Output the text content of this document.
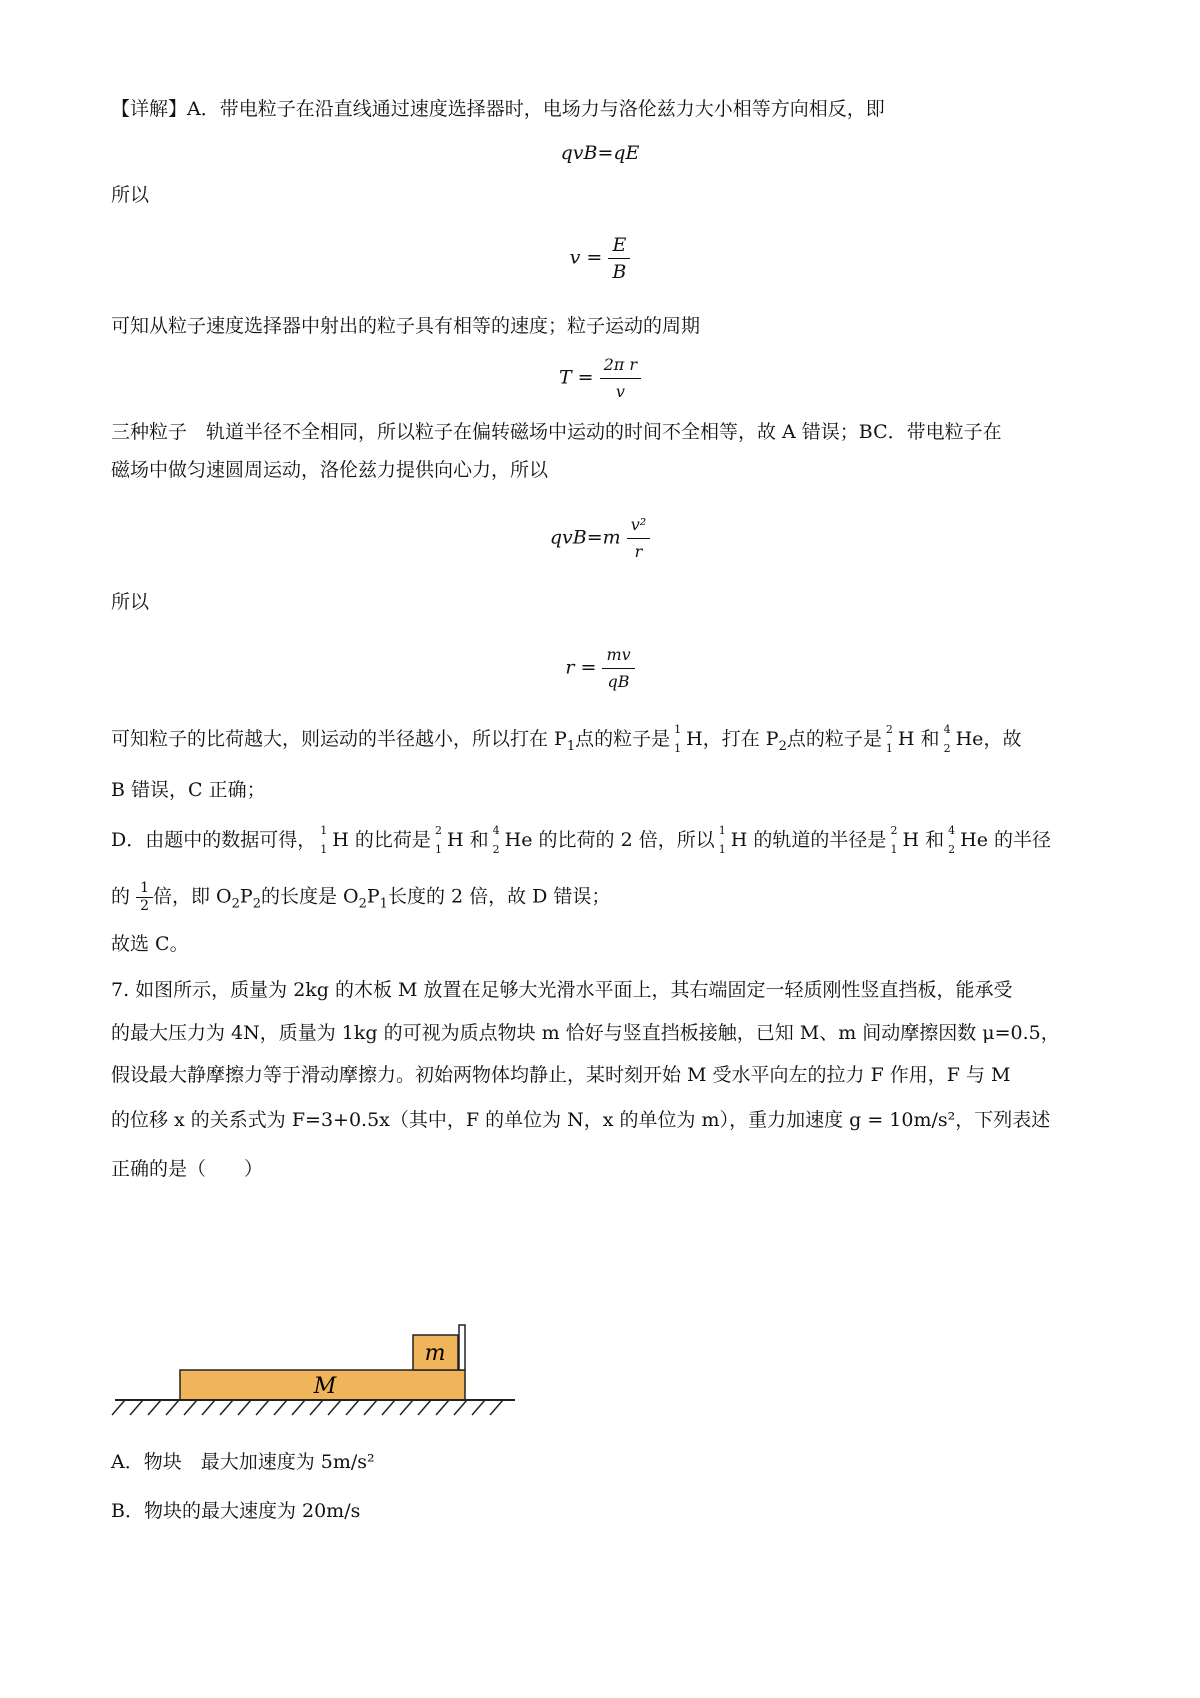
【详解】A．带电粒子在沿直线通过速度选择器时，电场力与洛伦兹力大小相等方向相反，即
qvB=qE
所以
$v = \frac{E}{B}$
可知从粒子速度选择器中射出的粒子具有相等的速度；粒子运动的周期
$T = \frac{\text{2π r}}{v}$
三种粒子　轨道半径不全相同，所以粒子在偏转磁场中运动的时间不全相等，故 A 错误；BC．带电粒子在
磁场中做匀速圆周运动，洛伦兹力提供向心力，所以
$qvB=m \frac{\text{v²}}{r}$
所以
$r = \frac{mv}{qB}$
可知粒子的比荷越大，则运动的半径越小，所以打在 $P_1$点的粒子是 1
1 H，打在 $P_2$点的粒子是 2
1 H 和 4
2 He，故
B 错误，C 正确；
D．由题中的数据可得， 1
1 H 的比荷是 2
1 H 和 4
2 He 的比荷的 2 倍，所以 1
1 H 的轨道的半径是 2
1 H 和 4
2 He 的半径
的 $\frac{1}{2}$ 倍，即 $O_2P_2$的长度是 $O_2P_1$长度的 2 倍，故 D 错误；
故选 C。
7. 如图所示，质量为 2kg 的木板 M 放置在足够大光滑水平面上，其右端固定一轻质刚性竖直挡板，能承受
的最大压力为 4N，质量为 1kg 的可视为质点物块 m 恰好与竖直挡板接触，已知 M、m 间动摩擦因数 μ=0.5，
假设最大静摩擦力等于滑动摩擦力。初始两物体均静止，某时刻开始 M 受水平向左的拉力 F 作用，F 与 M
的位移 x 的关系式为 F=3+0.5x（其中，F 的单位为 N，x 的单位为 m），重力加速度 g = 10m/s²，下列表述
正确的是（　　）
M
m
A．物块　最大加速度为 5m/s²
B．物块的最大速度为 20m/s
